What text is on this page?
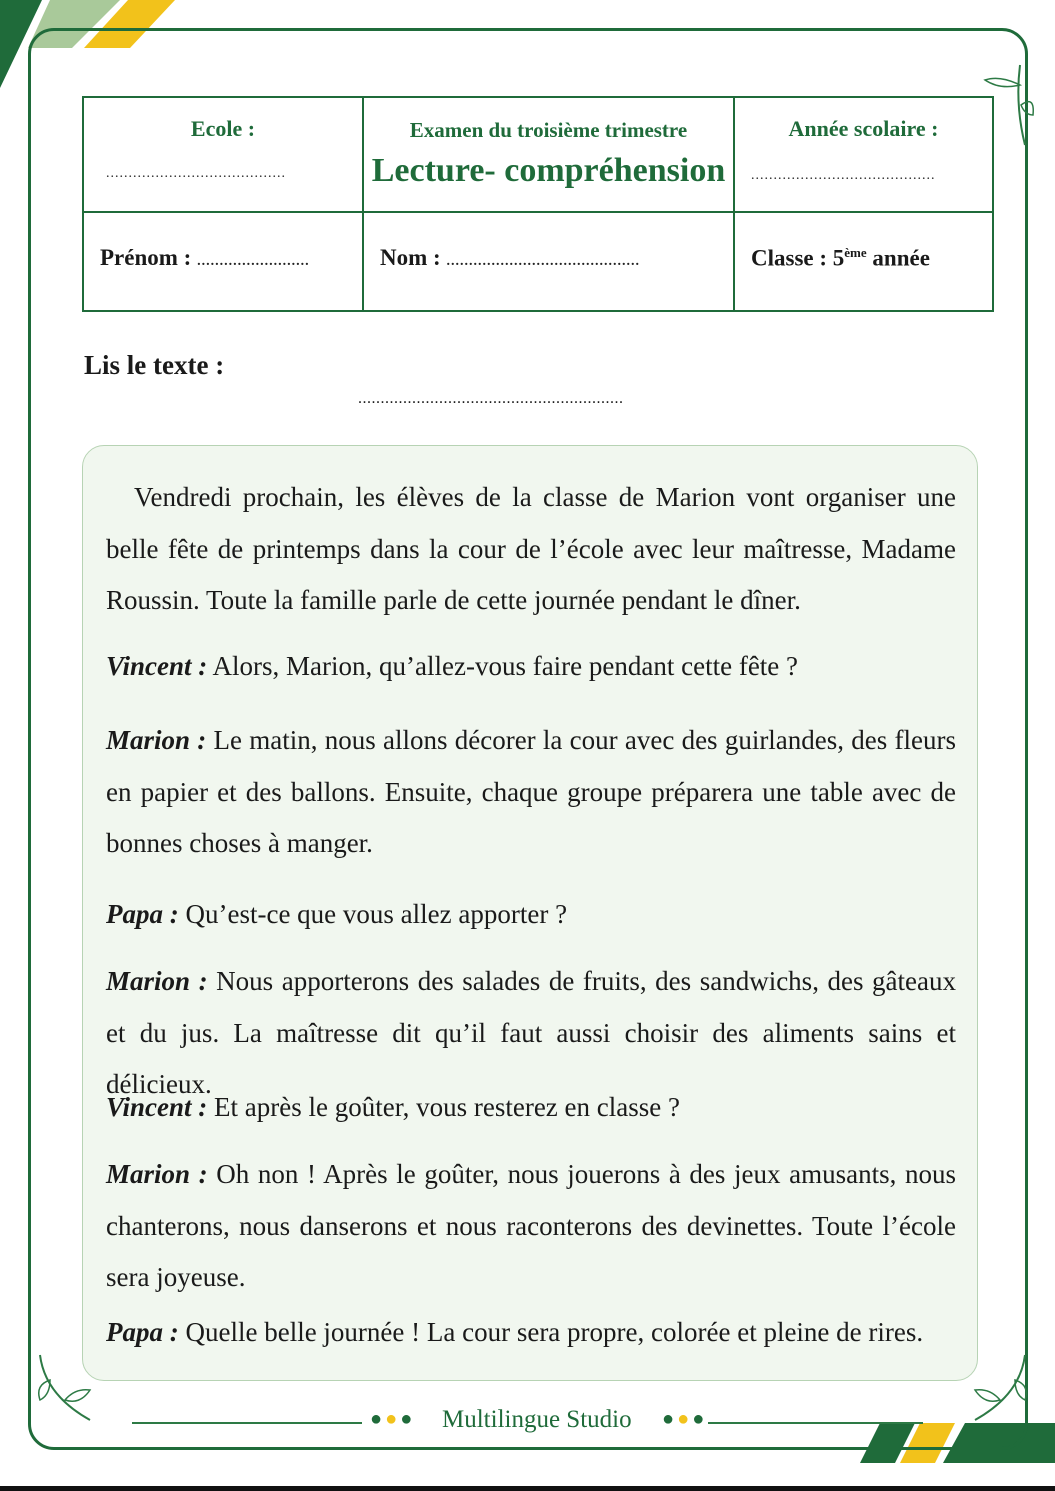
Ecole :
........................................
Examen du troisième trimestre
Lecture- compréhension
Année scolaire :
.........................................
Prénom : .........................	Nom : ...........................................	Classe : 5ème année
Lis le texte :
...........................................................
Vendredi prochain, les élèves de la classe de Marion vont organiser une belle fête de printemps dans la cour de l’école avec leur maîtresse, Madame Roussin. Toute la famille parle de cette journée pendant le dîner.
Vincent : Alors, Marion, qu’allez-vous faire pendant cette fête ?
Marion : Le matin, nous allons décorer la cour avec des guirlandes, des fleurs en papier et des ballons. Ensuite, chaque groupe préparera une table avec de bonnes choses à manger.
Papa : Qu’est-ce que vous allez apporter ?
Marion : Nous apporterons des salades de fruits, des sandwichs, des gâteaux et du jus. La maîtresse dit qu’il faut aussi choisir des aliments sains et délicieux.
Vincent : Et après le goûter, vous resterez en classe ?
Marion : Oh non ! Après le goûter, nous jouerons à des jeux amusants, nous chanterons, nous danserons et nous raconterons des devinettes. Toute l’école sera joyeuse.
Papa : Quelle belle journée ! La cour sera propre, colorée et pleine de rires.
●●● Multilingue Studio ●●●
